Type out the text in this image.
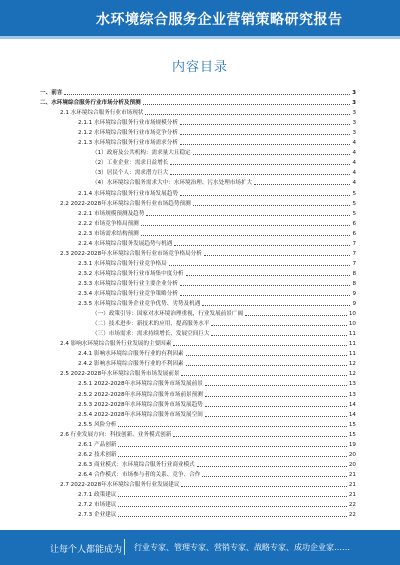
水环境综合服务企业营销策略研究报告
内容目录
一、前言	3
二、水环境综合服务行业市场分析及预测	3
2.1 水环境综合服务行业市场现状	3
2.1.1 水环境综合服务行业市场规模分析	3
2.1.2 水环境综合服务行业市场竞争分析	3
2.1.3 水环境综合服务行业市场需求分析	4
（1）政府及公共机构：需求量大且稳定	4
（2）工业企业：需求日益增长	4
（3）居民个人：需求潜力巨大	4
（4）水环境综合服务需求大中：水环境治理、污水处理市场扩大	4
2.1.4 水环境综合服务行业市场发展趋势	5
2.2 2022-2028年水环境综合服务行业市场趋势预测	5
2.2.1 市场规模预测及趋势	5
2.2.2 市场竞争格局预测	6
2.2.3 市场需求结构预测	6
2.2.4 水环境综合服务发展趋势与机遇	7
2.3 2022-2028年水环境综合服务行业市场竞争格局分析	7
2.3.1 水环境综合服务行业竞争格局	7
2.3.2 水环境综合服务行业市场集中度分析	8
2.3.3 水环境综合服务行业主要企业分析	8
2.3.4 水环境综合服务行业竞争策略分析	9
2.3.5 水环境综合服务企业竞争优势、劣势及机遇	9
（一）政策引导：国家对水环境治理重视，行业发展前景广阔	10
（二）技术进步：新技术的应用，提高服务水平	10
（三）市场需求：需求持续增长，发展空间巨大	11
2.4 影响水环境综合服务行业发展的主要因素	11
2.4.1 影响水环境综合服务行业的有利因素	11
2.4.2 影响水环境综合服务行业的不利因素	12
2.5 2022-2028年水环境综合服务市场发展前景	12
2.5.1 2022-2028年水环境综合服务市场发展前景	13
2.5.2 2022-2028年水环境综合服务市场前景预测	13
2.5.3 2022-2028年水环境综合服务市场发展趋势	14
2.5.4 2022-2028年水环境综合服务市场发展空间	14
2.5.5 风险分析	15
2.6 行业发展方向：科技创新、业务模式创新	15
2.6.1 产品创新	19
2.6.2 技术创新	20
2.6.3 商业模式：水环境综合服务行业商业模式	20
2.6.4 合作模式：市场参与者的关系、竞争、合作	21
2.7 2022-2028年水环境综合服务行业发展建议	21
2.7.1 政策建议	21
2.7.2 市场建议	22
2.7.3 企业建议	22
让每个人都能成为 行业专家、管理专家、营销专家、战略专家、成功企业家……
